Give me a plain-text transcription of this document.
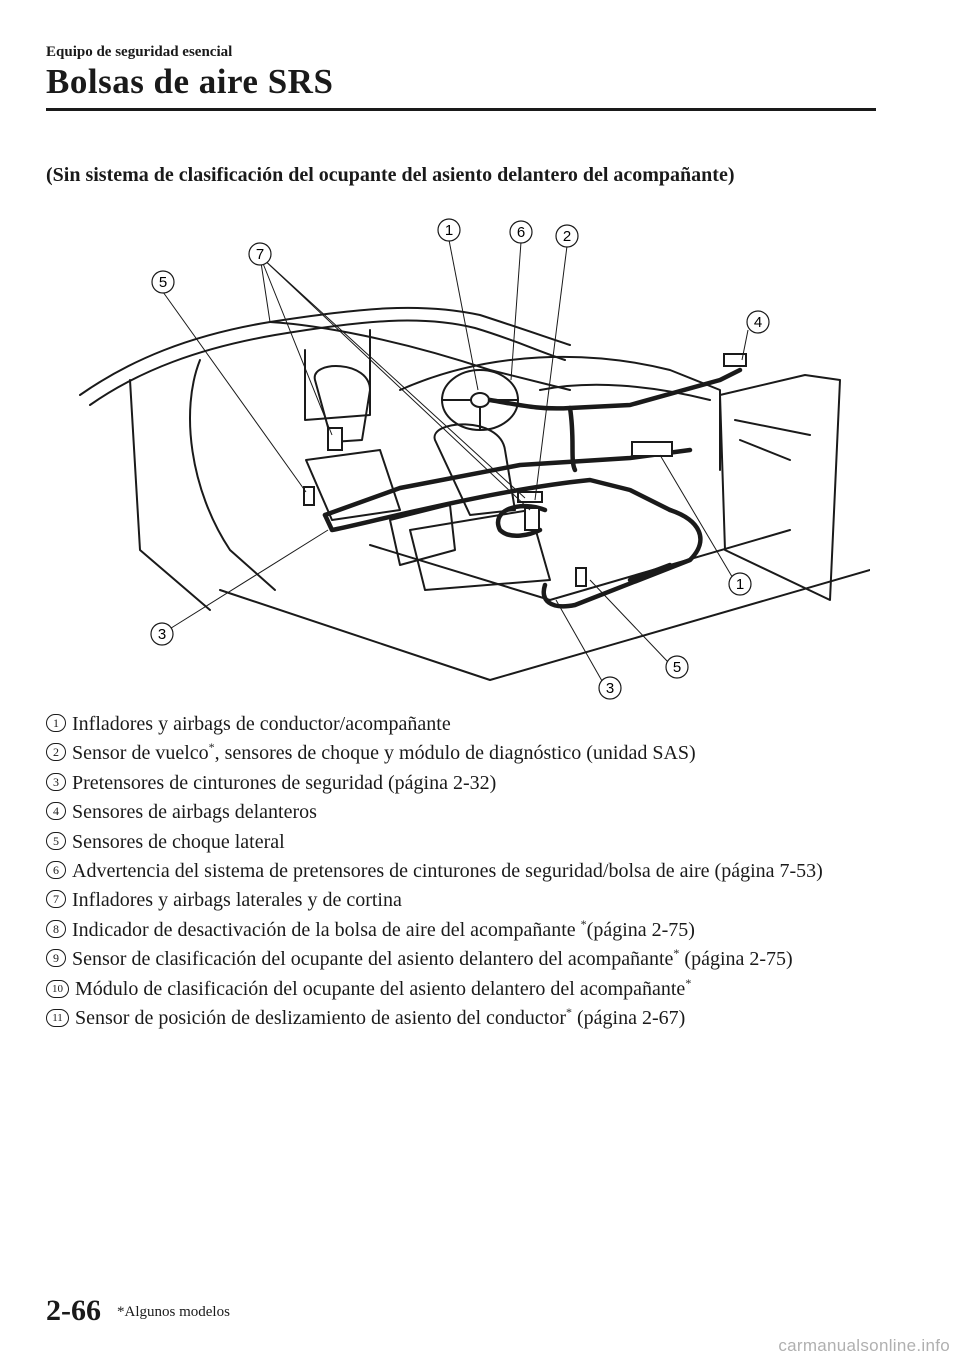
Equipo de seguridad esencial
Bolsas de aire SRS
(Sin sistema de clasificación del ocupante del asiento delantero del acompañante)
1	6	2
7
5
4
1
5
3
3
1 Infladores y airbags de conductor/acompañante
2 Sensor de vuelco*, sensores de choque y módulo de diagnóstico (unidad SAS)
3 Pretensores de cinturones de seguridad (página 2-32)
4 Sensores de airbags delanteros
5 Sensores de choque lateral
6 Advertencia del sistema de pretensores de cinturones de seguridad/bolsa de aire (página 7-53)
7 Infladores y airbags laterales y de cortina
8 Indicador de desactivación de la bolsa de aire del acompañante *(página 2-75)
9 Sensor de clasificación del ocupante del asiento delantero del acompañante* (página 2-75)
10 Módulo de clasificación del ocupante del asiento delantero del acompañante*
11 Sensor de posición de deslizamiento de asiento del conductor* (página 2-67)
2-66 *Algunos modelos
carmanualsonline.info
